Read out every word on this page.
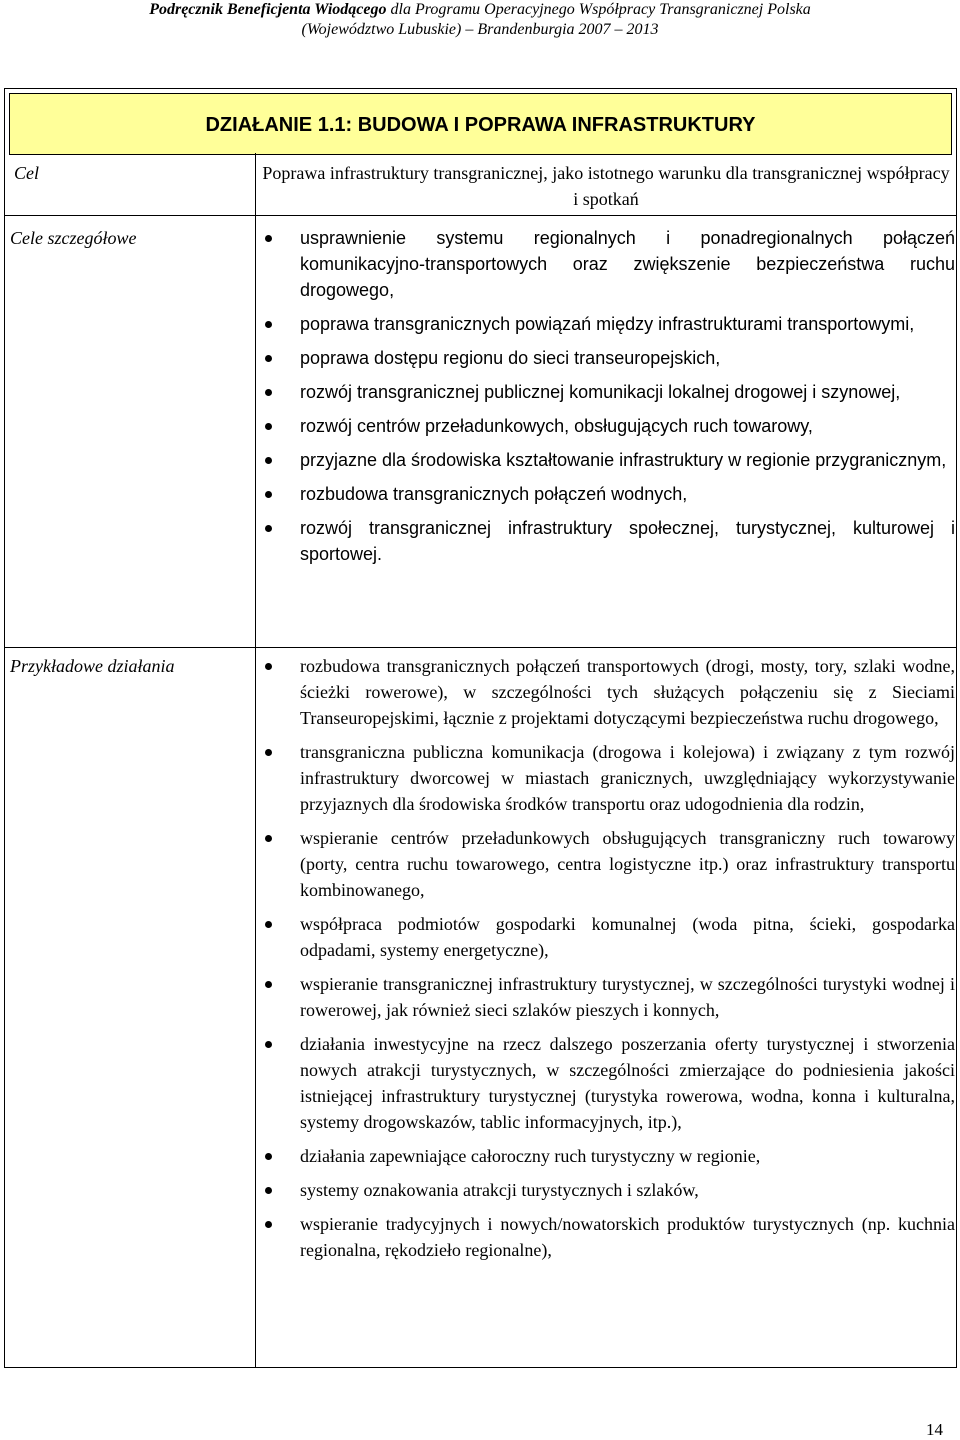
Podręcznik Beneficjenta Wiodącego dla Programu Operacyjnego Współpracy Transgranicznej Polska
(Województwo Lubuskie) – Brandenburgia 2007 – 2013
DZIAŁANIE 1.1: BUDOWA I POPRAWA INFRASTRUKTURY
Cel	Poprawa infrastruktury transgranicznej, jako istotnego warunku dla transgranicznej współpracy i spotkań
Cele szczegółowe	usprawnienie systemu regionalnych i ponadregionalnych połączeń komunikacyjno-transportowych oraz zwiększenie bezpieczeństwa ruchu drogowego,
poprawa transgranicznych powiązań między infrastrukturami transportowymi,
poprawa dostępu regionu do sieci transeuropejskich,
rozwój transgranicznej publicznej komunikacji lokalnej drogowej i szynowej,
rozwój centrów przeładunkowych, obsługujących ruch towarowy,
przyjazne dla środowiska kształtowanie infrastruktury w regionie przygranicznym,
rozbudowa transgranicznych połączeń wodnych,
rozwój transgranicznej infrastruktury społecznej, turystycznej, kulturowej i sportowej.
Przykładowe działania	rozbudowa transgranicznych połączeń transportowych (drogi, mosty, tory, szlaki wodne, ścieżki rowerowe), w szczególności tych służących połączeniu się z Sieciami Transeuropejskimi, łącznie z projektami dotyczącymi bezpieczeństwa ruchu drogowego,
transgraniczna publiczna komunikacja (drogowa i kolejowa) i związany z tym rozwój infrastruktury dworcowej w miastach granicznych, uwzględniający wykorzystywanie przyjaznych dla środowiska środków transportu oraz udogodnienia dla rodzin,
wspieranie centrów przeładunkowych obsługujących transgraniczny ruch towarowy (porty, centra ruchu towarowego, centra logistyczne itp.) oraz infrastruktury transportu kombinowanego,
współpraca podmiotów gospodarki komunalnej (woda pitna, ścieki, gospodarka odpadami, systemy energetyczne),
wspieranie transgranicznej infrastruktury turystycznej, w szczególności turystyki wodnej i rowerowej, jak również sieci szlaków pieszych i konnych,
działania inwestycyjne na rzecz dalszego poszerzania oferty turystycznej i stworzenia nowych atrakcji turystycznych, w szczególności zmierzające do podniesienia jakości istniejącej infrastruktury turystycznej (turystyka rowerowa, wodna, konna i kulturalna, systemy drogowskazów, tablic informacyjnych, itp.),
działania zapewniające całoroczny ruch turystyczny w regionie,
systemy oznakowania atrakcji turystycznych i szlaków,
wspieranie tradycyjnych i nowych/nowatorskich produktów turystycznych (np. kuchnia regionalna, rękodzieło regionalne),
14
